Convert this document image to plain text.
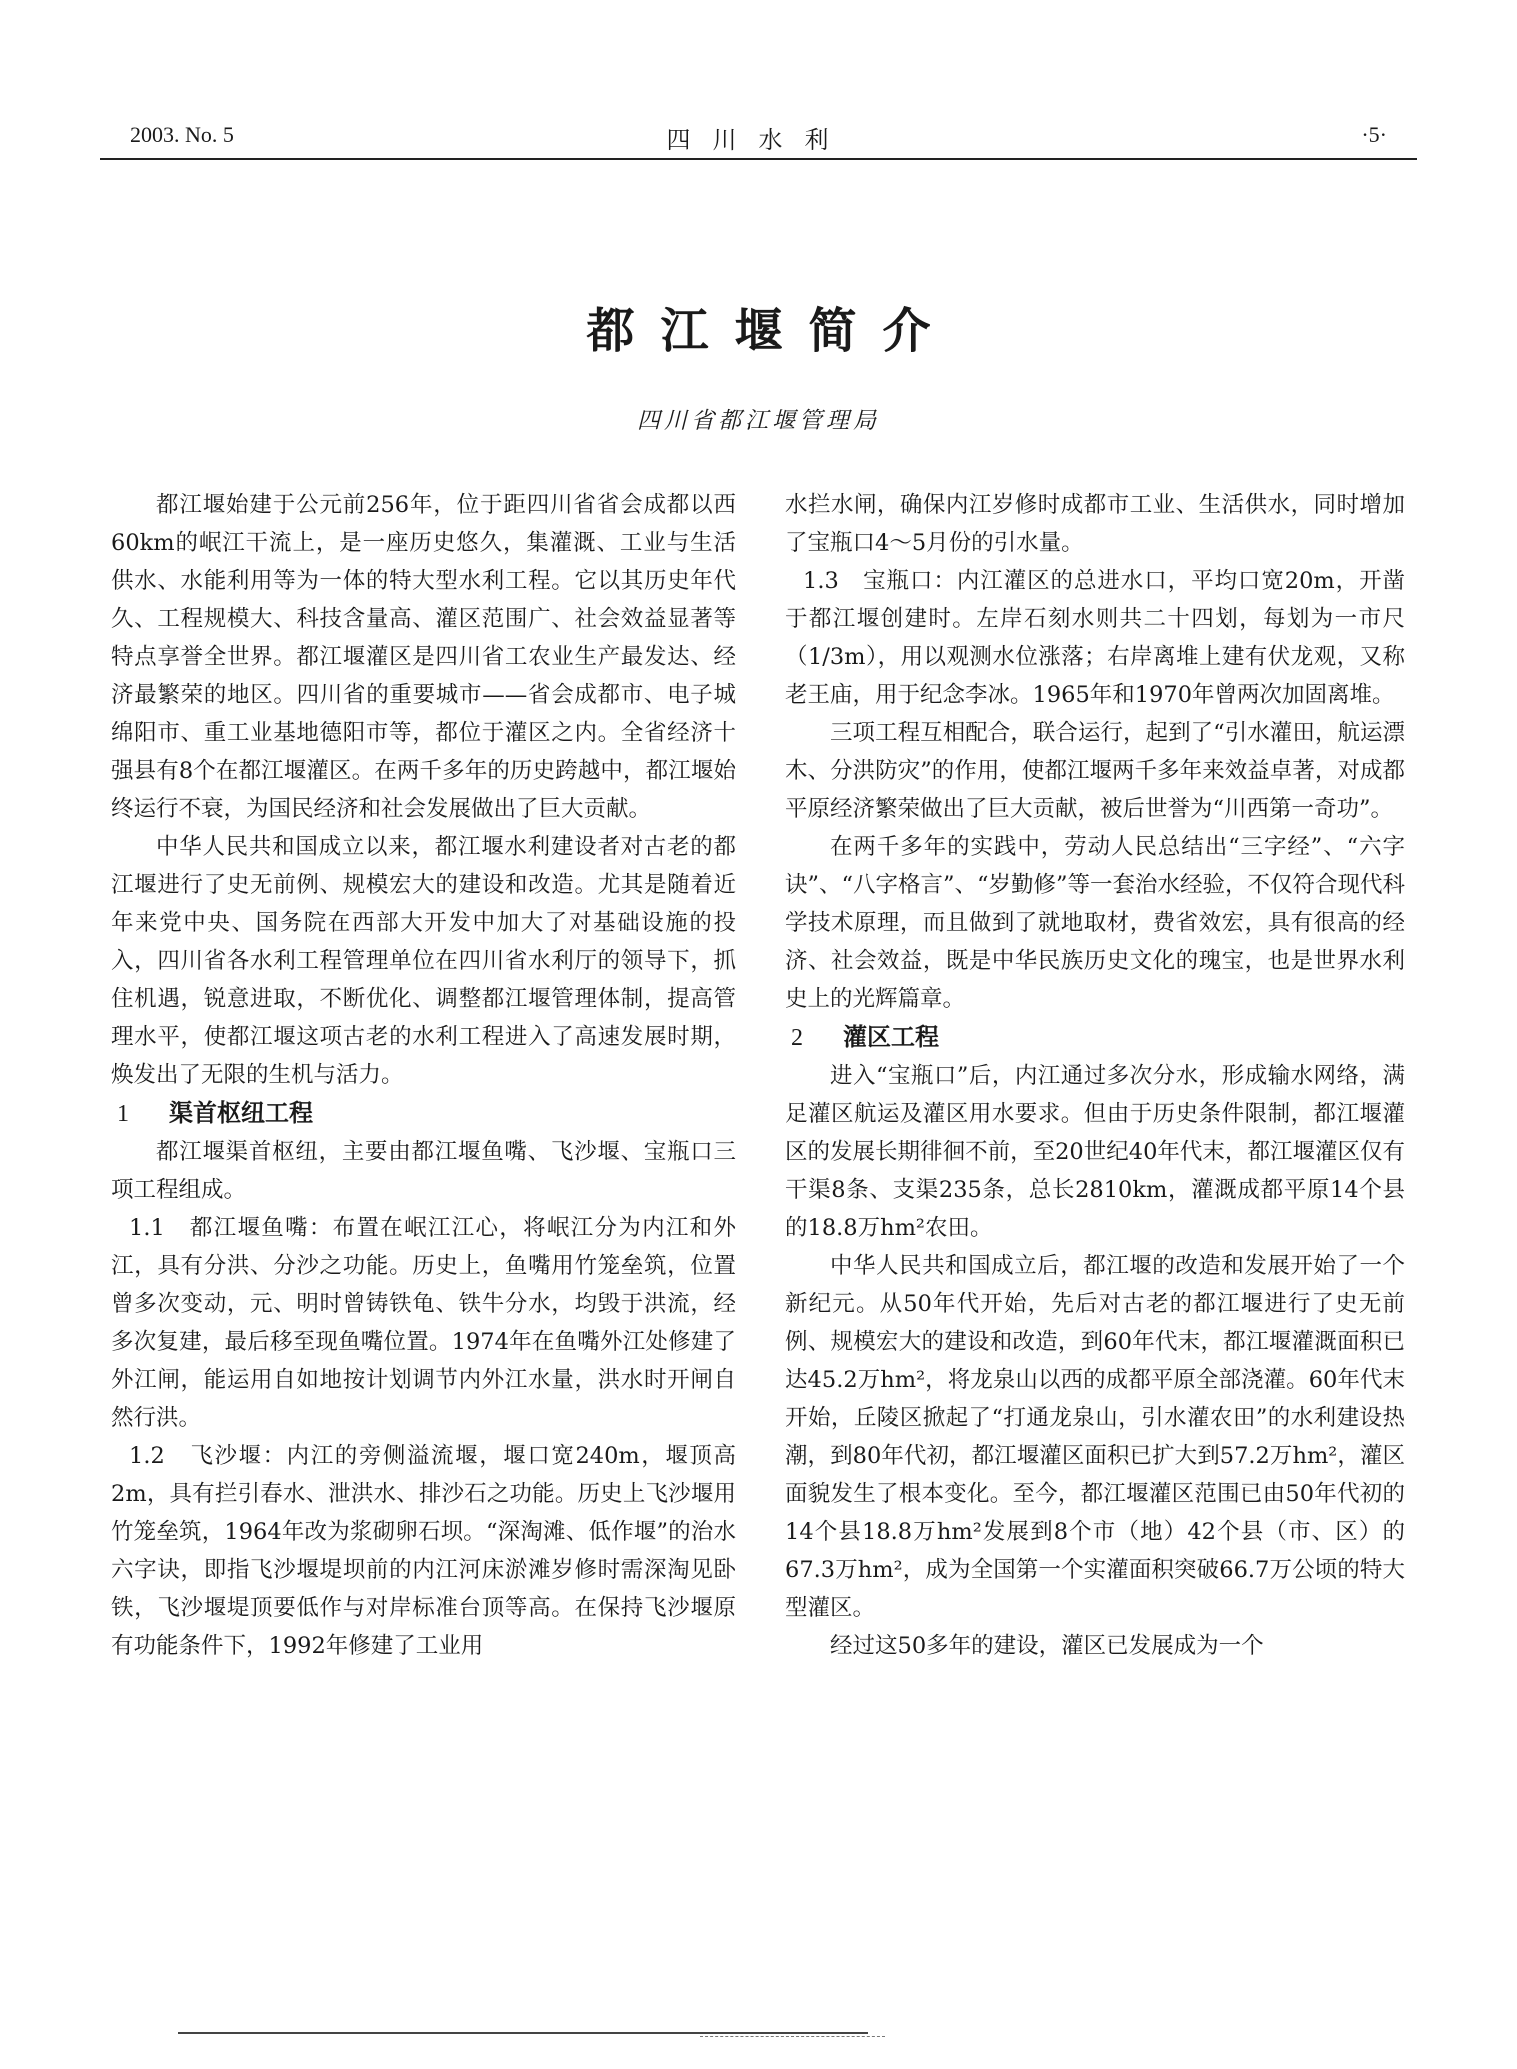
2003. No. 5	四川水利	·5·
都江堰简介
四川省都江堰管理局

都江堰始建于公元前256年，位于距四川省省会成都以西60km的岷江干流上，是一座历史悠久，集灌溉、工业与生活供水、水能利用等为一体的特大型水利工程。它以其历史年代久、工程规模大、科技含量高、灌区范围广、社会效益显著等特点享誉全世界。都江堰灌区是四川省工农业生产最发达、经济最繁荣的地区。四川省的重要城市——省会成都市、电子城绵阳市、重工业基地德阳市等，都位于灌区之内。全省经济十强县有8个在都江堰灌区。在两千多年的历史跨越中，都江堰始终运行不衰，为国民经济和社会发展做出了巨大贡献。

中华人民共和国成立以来，都江堰水利建设者对古老的都江堰进行了史无前例、规模宏大的建设和改造。尤其是随着近年来党中央、国务院在西部大开发中加大了对基础设施的投入，四川省各水利工程管理单位在四川省水利厅的领导下，抓住机遇，锐意进取，不断优化、调整都江堰管理体制，提高管理水平，使都江堰这项古老的水利工程进入了高速发展时期，焕发出了无限的生机与活力。

1 渠首枢纽工程

都江堰渠首枢纽，主要由都江堰鱼嘴、飞沙堰、宝瓶口三项工程组成。

1.1　都江堰鱼嘴：布置在岷江江心，将岷江分为内江和外江，具有分洪、分沙之功能。历史上，鱼嘴用竹笼垒筑，位置曾多次变动，元、明时曾铸铁龟、铁牛分水，均毁于洪流，经多次复建，最后移至现鱼嘴位置。1974年在鱼嘴外江处修建了外江闸，能运用自如地按计划调节内外江水量，洪水时开闸自然行洪。

1.2　飞沙堰：内江的旁侧溢流堰，堰口宽240m，堰顶高2m，具有拦引春水、泄洪水、排沙石之功能。历史上飞沙堰用竹笼垒筑，1964年改为浆砌卵石坝。“深淘滩、低作堰”的治水六字诀，即指飞沙堰堤坝前的内江河床淤滩岁修时需深淘见卧铁，飞沙堰堤顶要低作与对岸标准台顶等高。在保持飞沙堰原有功能条件下，1992年修建了工业用

水拦水闸，确保内江岁修时成都市工业、生活供水，同时增加了宝瓶口4～5月份的引水量。

1.3　宝瓶口：内江灌区的总进水口，平均口宽20m，开凿于都江堰创建时。左岸石刻水则共二十四划，每划为一市尺（1/3m），用以观测水位涨落；右岸离堆上建有伏龙观，又称老王庙，用于纪念李冰。1965年和1970年曾两次加固离堆。

三项工程互相配合，联合运行，起到了“引水灌田，航运漂木、分洪防灾”的作用，使都江堰两千多年来效益卓著，对成都平原经济繁荣做出了巨大贡献，被后世誉为“川西第一奇功”。

在两千多年的实践中，劳动人民总结出“三字经”、“六字诀”、“八字格言”、“岁勤修”等一套治水经验，不仅符合现代科学技术原理，而且做到了就地取材，费省效宏，具有很高的经济、社会效益，既是中华民族历史文化的瑰宝，也是世界水利史上的光辉篇章。

2 灌区工程

进入“宝瓶口”后，内江通过多次分水，形成输水网络，满足灌区航运及灌区用水要求。但由于历史条件限制，都江堰灌区的发展长期徘徊不前，至20世纪40年代末，都江堰灌区仅有干渠8条、支渠235条，总长2810km，灌溉成都平原14个县的18.8万hm²农田。

中华人民共和国成立后，都江堰的改造和发展开始了一个新纪元。从50年代开始，先后对古老的都江堰进行了史无前例、规模宏大的建设和改造，到60年代末，都江堰灌溉面积已达45.2万hm²，将龙泉山以西的成都平原全部浇灌。60年代末开始，丘陵区掀起了“打通龙泉山，引水灌农田”的水利建设热潮，到80年代初，都江堰灌区面积已扩大到57.2万hm²，灌区面貌发生了根本变化。至今，都江堰灌区范围已由50年代初的14个县18.8万hm²发展到8个市（地）42个县（市、区）的67.3万hm²，成为全国第一个实灌面积突破66.7万公顷的特大型灌区。

经过这50多年的建设，灌区已发展成为一个
